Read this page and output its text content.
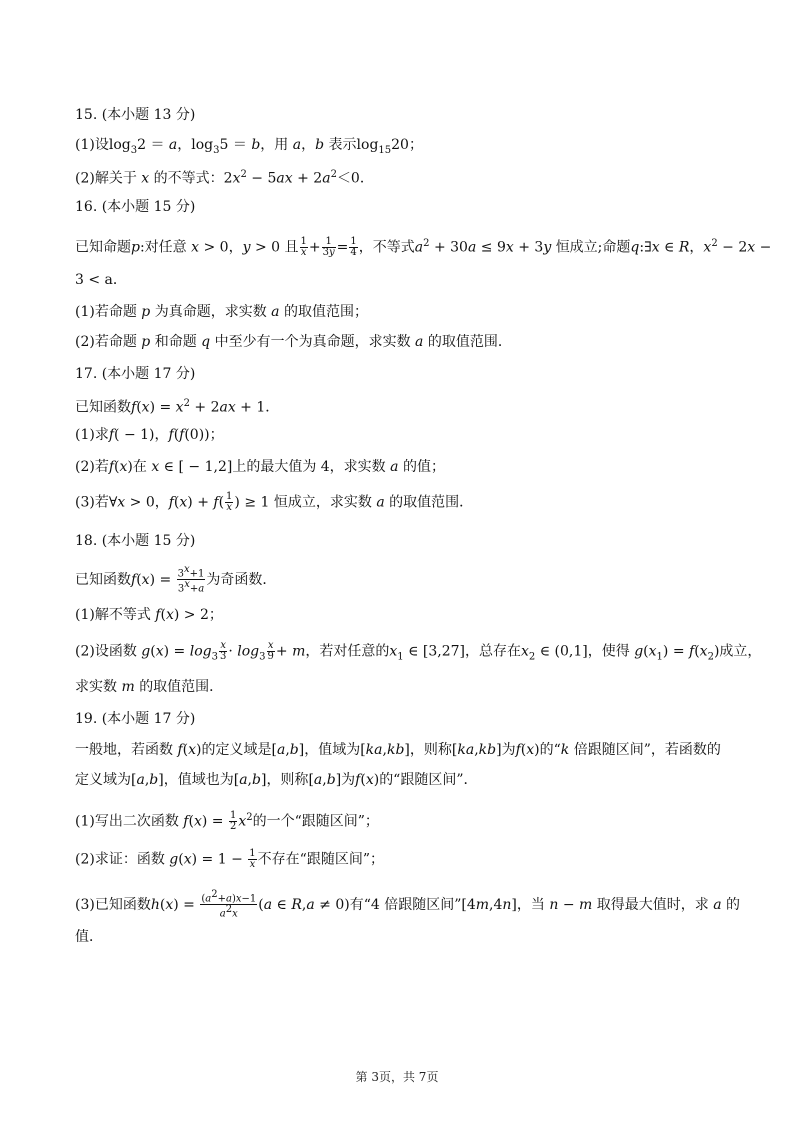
15. (本小题 13 分)
(1)设$\log_32 = a$，$\log_35 = b$，用 a，b 表示$\log_{15}20$；
(2)解关于 x 的不等式：$2x^2 - 5ax + 2a^2<0$．
16. (本小题 15 分)
已知命题p:对任意 x > 0，y > 0 且 $\frac{1}{x} + \frac{1}{3y} = \frac{1}{4}$ ，不等式$a^2 + 30a \le 9x + 3y$ 恒成立;命题q:∃x ∈ R，$x^2 - 2x$ −
3 < a．
(1)若命题 p 为真命题，求实数 a 的取值范围；
(2)若命题 p 和命题 q 中至少有一个为真命题，求实数 a 的取值范围．
17. (本小题 17 分)
已知函数$f(x) = x^2 + 2ax + 1$．
(1)求f( − 1)，f(f(0))；
(2)若f(x)在 x ∈ [ − 1,2]上的最大值为 4，求实数 a 的值；
(3)若∀x > 0，$f(x) + f( \frac{1}{x}$ ) ≥ 1 恒成立，求实数 a 的取值范围．
18. (本小题 15 分)
已知函数$f(x) = \frac{3^x+1}{3^x+a}$ 为奇函数．
(1)解不等式 f(x) > 2；
(2)设函数 $g(x) = \log_3 \frac{x}{3} \cdot \log_3 \frac{x}{9} + m$，若对任意的$x_1$ ∈ [3,27]，总存在$x_2$ ∈ (0,1]，使得 $g(x_1) = f(x_2)$成立，
求实数 m 的取值范围．
19. (本小题 17 分)
一般地，若函数 f(x)的定义域是[a,b]，值域为[ka,kb]，则称[ka,kb]为f(x)的“k 倍跟随区间”，若函数的
定义域为[a,b]，值域也为[a,b]，则称[a,b]为f(x)的“跟随区间”．
(1)写出二次函数 $f(x) = \frac{1}{2} x^2$的一个“跟随区间”；
(2)求证：函数 $g(x) = 1 - \frac{1}{x}$ 不存在“跟随区间”；
(3)已知函数$h(x) = \frac{(a^2+a)x-1}{a^2x} (a$ ∈ R,a ≠ 0)有“4 倍跟随区间”[4m,4n]，当 n − m 取得最大值时，求 a 的
值．
第 3页，共 7页
